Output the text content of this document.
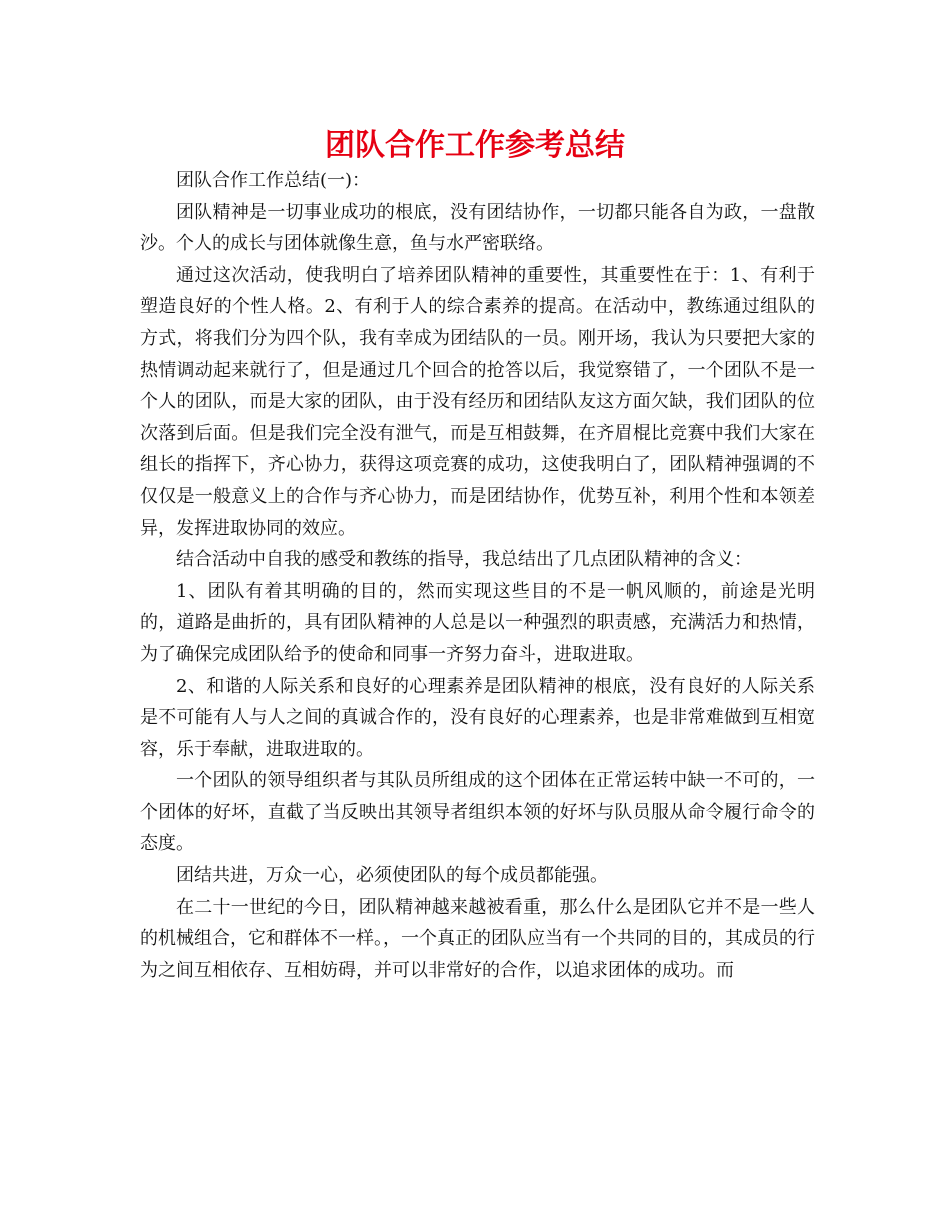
团队合作工作参考总结

团队合作工作总结(一)：

团队精神是一切事业成功的根底，没有团结协作，一切都只能各自为政，一盘散沙。个人的成长与团体就像生意，鱼与水严密联络。

通过这次活动，使我明白了培养团队精神的重要性，其重要性在于：1、有利于塑造良好的个性人格。2、有利于人的综合素养的提高。在活动中，教练通过组队的方式，将我们分为四个队，我有幸成为团结队的一员。刚开场，我认为只要把大家的热情调动起来就行了，但是通过几个回合的抢答以后，我觉察错了，一个团队不是一个人的团队，而是大家的团队，由于没有经历和团结队友这方面欠缺，我们团队的位次落到后面。但是我们完全没有泄气，而是互相鼓舞，在齐眉棍比竞赛中我们大家在组长的指挥下，齐心协力，获得这项竞赛的成功，这使我明白了，团队精神强调的不仅仅是一般意义上的合作与齐心协力，而是团结协作，优势互补，利用个性和本领差异，发挥进取协同的效应。

结合活动中自我的感受和教练的指导，我总结出了几点团队精神的含义：

1、团队有着其明确的目的，然而实现这些目的不是一帆风顺的，前途是光明的，道路是曲折的，具有团队精神的人总是以一种强烈的职责感，充满活力和热情，为了确保完成团队给予的使命和同事一齐努力奋斗，进取进取。

2、和谐的人际关系和良好的心理素养是团队精神的根底，没有良好的人际关系是不可能有人与人之间的真诚合作的，没有良好的心理素养，也是非常难做到互相宽容，乐于奉献，进取进取的。

一个团队的领导组织者与其队员所组成的这个团体在正常运转中缺一不可的，一个团体的好坏，直截了当反映出其领导者组织本领的好坏与队员服从命令履行命令的态度。

团结共进，万众一心，必须使团队的每个成员都能强。

在二十一世纪的今日，团队精神越来越被看重，那么什么是团队它并不是一些人的机械组合，它和群体不一样。，一个真正的团队应当有一个共同的目的，其成员的行为之间互相依存、互相妨碍，并可以非常好的合作，以追求团体的成功。而
